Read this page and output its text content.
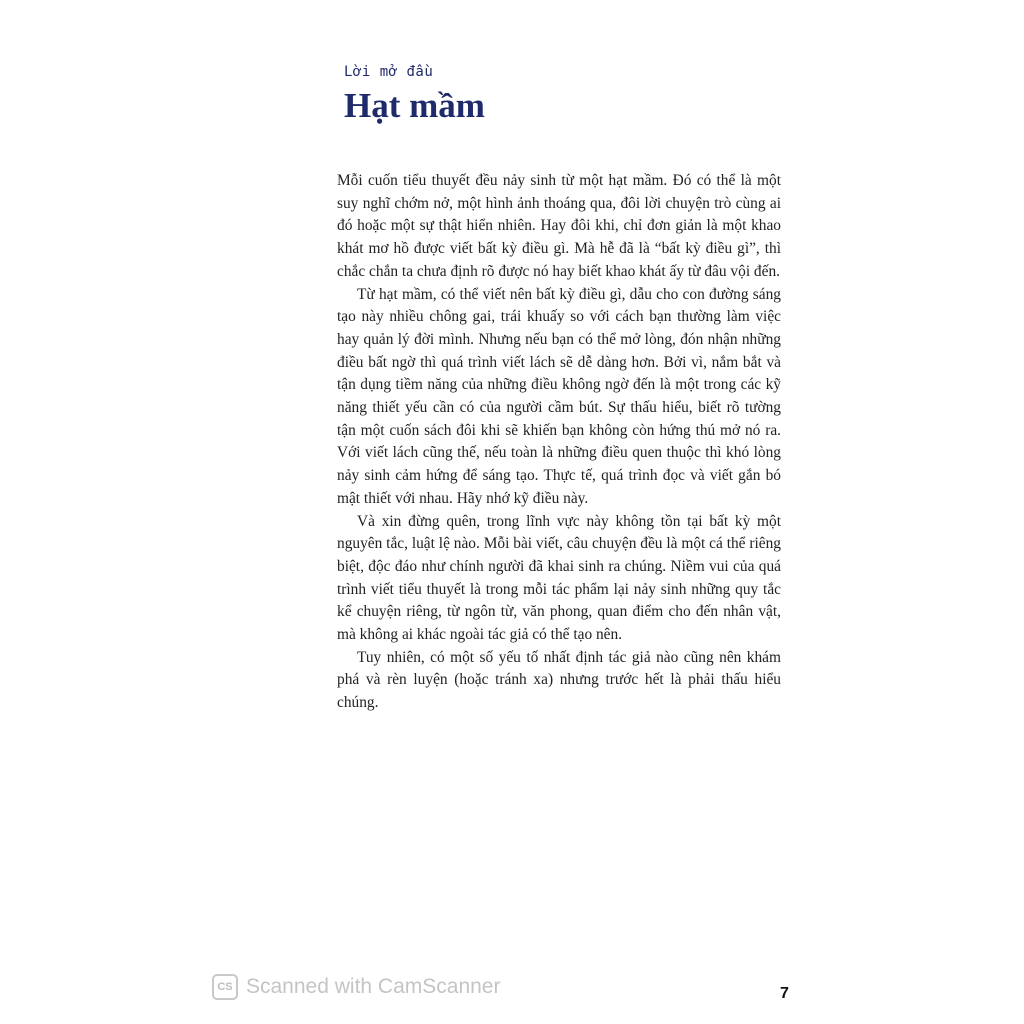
Lời mở đầu
Hạt mầm

Mỗi cuốn tiểu thuyết đều nảy sinh từ một hạt mầm. Đó có thể là một suy nghĩ chớm nở, một hình ảnh thoáng qua, đôi lời chuyện trò cùng ai đó hoặc một sự thật hiển nhiên. Hay đôi khi, chỉ đơn giản là một khao khát mơ hồ được viết bất kỳ điều gì. Mà hễ đã là “bất kỳ điều gì”, thì chắc chắn ta chưa định rõ được nó hay biết khao khát ấy từ đâu vội đến.

Từ hạt mầm, có thể viết nên bất kỳ điều gì, dẫu cho con đường sáng tạo này nhiều chông gai, trái khuấy so với cách bạn thường làm việc hay quản lý đời mình. Nhưng nếu bạn có thể mở lòng, đón nhận những điều bất ngờ thì quá trình viết lách sẽ dễ dàng hơn. Bởi vì, nắm bắt và tận dụng tiềm năng của những điều không ngờ đến là một trong các kỹ năng thiết yếu cần có của người cầm bút. Sự thấu hiểu, biết rõ tường tận một cuốn sách đôi khi sẽ khiến bạn không còn hứng thú mở nó ra. Với viết lách cũng thế, nếu toàn là những điều quen thuộc thì khó lòng nảy sinh cảm hứng để sáng tạo. Thực tế, quá trình đọc và viết gắn bó mật thiết với nhau. Hãy nhớ kỹ điều này.

Và xin đừng quên, trong lĩnh vực này không tồn tại bất kỳ một nguyên tắc, luật lệ nào. Mỗi bài viết, câu chuyện đều là một cá thể riêng biệt, độc đáo như chính người đã khai sinh ra chúng. Niềm vui của quá trình viết tiểu thuyết là trong mỗi tác phẩm lại nảy sinh những quy tắc kể chuyện riêng, từ ngôn từ, văn phong, quan điểm cho đến nhân vật, mà không ai khác ngoài tác giả có thể tạo nên.

Tuy nhiên, có một số yếu tố nhất định tác giả nào cũng nên khám phá và rèn luyện (hoặc tránh xa) nhưng trước hết là phải thấu hiểu chúng.

CS Scanned with CamScanner	7
